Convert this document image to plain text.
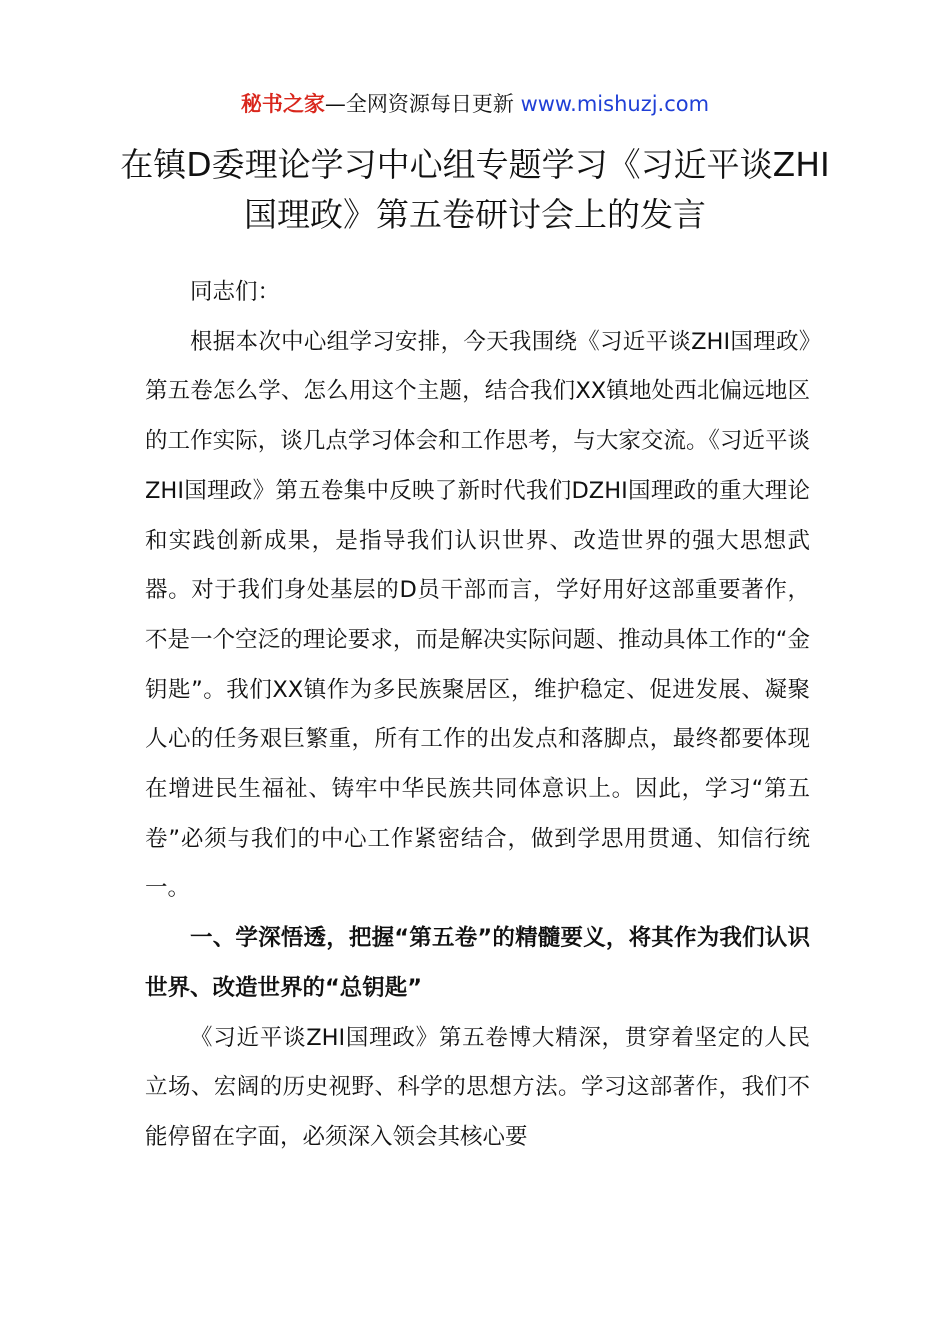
秘书之家—全网资源每日更新 www.mishuzj.com
在镇D委理论学习中心组专题学习《习近平谈ZHI国理政》第五卷研讨会上的发言

同志们：

根据本次中心组学习安排，今天我围绕《习近平谈ZHI国理政》第五卷怎么学、怎么用这个主题，结合我们XX镇地处西北偏远地区的工作实际，谈几点学习体会和工作思考，与大家交流。《习近平谈ZHI国理政》第五卷集中反映了新时代我们DZHI国理政的重大理论和实践创新成果，是指导我们认识世界、改造世界的强大思想武器。对于我们身处基层的D员干部而言，学好用好这部重要著作，不是一个空泛的理论要求，而是解决实际问题、推动具体工作的“金钥匙”。我们XX镇作为多民族聚居区，维护稳定、促进发展、凝聚人心的任务艰巨繁重，所有工作的出发点和落脚点，最终都要体现在增进民生福祉、铸牢中华民族共同体意识上。因此，学习“第五卷”必须与我们的中心工作紧密结合，做到学思用贯通、知信行统一。

一、学深悟透，把握“第五卷”的精髓要义，将其作为我们认识世界、改造世界的“总钥匙”

《习近平谈ZHI国理政》第五卷博大精深，贯穿着坚定的人民立场、宏阔的历史视野、科学的思想方法。学习这部著作，我们不能停留在字面，必须深入领会其核心要
